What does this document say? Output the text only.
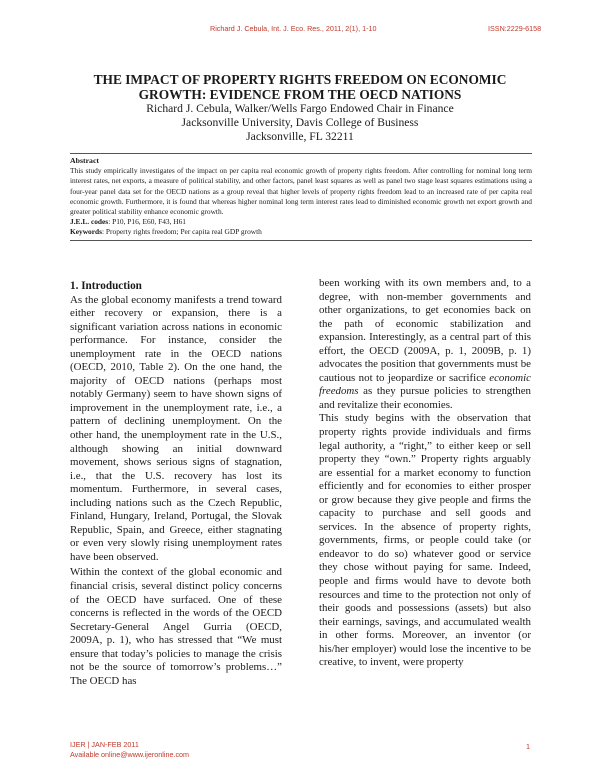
Richard J. Cebula, Int. J. Eco. Res., 2011, 2(1), 1-10	ISSN:2229-6158

THE IMPACT OF PROPERTY RIGHTS FREEDOM ON ECONOMIC

GROWTH: EVIDENCE FROM THE OECD NATIONS

Richard J. Cebula, Walker/Wells Fargo Endowed Chair in Finance

Jacksonville University, Davis College of Business

Jacksonville, FL 32211

Abstract
This study empirically investigates of the impact on per capita real economic growth of property rights freedom. After controlling for nominal long term interest rates, net exports, a measure of political stability, and other factors, panel least squares as well as panel two stage least squares estimations using a four-year panel data set for the OECD nations as a group reveal that higher levels of property rights freedom lead to an increased rate of per capita real economic growth. Furthermore, it is found that whereas higher nominal long term interest rates lead to diminished economic growth net export growth and greater political stability enhance economic growth.
J.E.L. codes: P10, P16, E60, F43, H61
Keywords: Property rights freedom; Per capita real GDP growth
1. Introduction

As the global economy manifests a trend toward either recovery or expansion, there is a significant variation across nations in economic performance. For instance, consider the unemployment rate in the OECD nations (OECD, 2010, Table 2). On the one hand, the majority of OECD nations (perhaps most notably Germany) seem to have shown signs of improvement in the unemployment rate, i.e., a pattern of declining unemployment. On the other hand, the unemployment rate in the U.S., although showing an initial downward movement, shows serious signs of stagnation, i.e., that the U.S. recovery has lost its momentum. Furthermore, in several cases, including nations such as the Czech Republic, Finland, Hungary, Ireland, Portugal, the Slovak Republic, Spain, and Greece, either stagnating or even very slowly rising unemployment rates have been observed.

Within the context of the global economic and financial crisis, several distinct policy concerns of the OECD have surfaced. One of these concerns is reflected in the words of the OECD Secretary-General Angel Gurria (OECD, 2009A, p. 1), who has stressed that “We must ensure that today’s policies to manage the crisis not be the source of tomorrow’s problems…” The OECD has

been working with its own members and, to a degree, with non-member governments and other organizations, to get economies back on the path of economic stabilization and expansion. Interestingly, as a central part of this effort, the OECD (2009A, p. 1, 2009B, p. 1) advocates the position that governments must be cautious not to jeopardize or sacrifice economic freedoms as they pursue policies to strengthen and revitalize their economies.

This study begins with the observation that property rights provide individuals and firms legal authority, a “right,” to either keep or sell property they “own.” Property rights arguably are essential for a market economy to function efficiently and for economies to either prosper or grow because they give people and firms the capacity to purchase and sell goods and services. In the absence of property rights, governments, firms, or people could take (or endeavor to do so) whatever good or service they chose without paying for same. Indeed, people and firms would have to devote both resources and time to the protection not only of their goods and possessions (assets) but also their earnings, savings, and accumulated wealth in other forms. Moreover, an inventor (or his/her employer) would lose the incentive to be creative, to invent, were property

IJER | JAN-FEB 2011
Available online@www.ijeronline.com
1
